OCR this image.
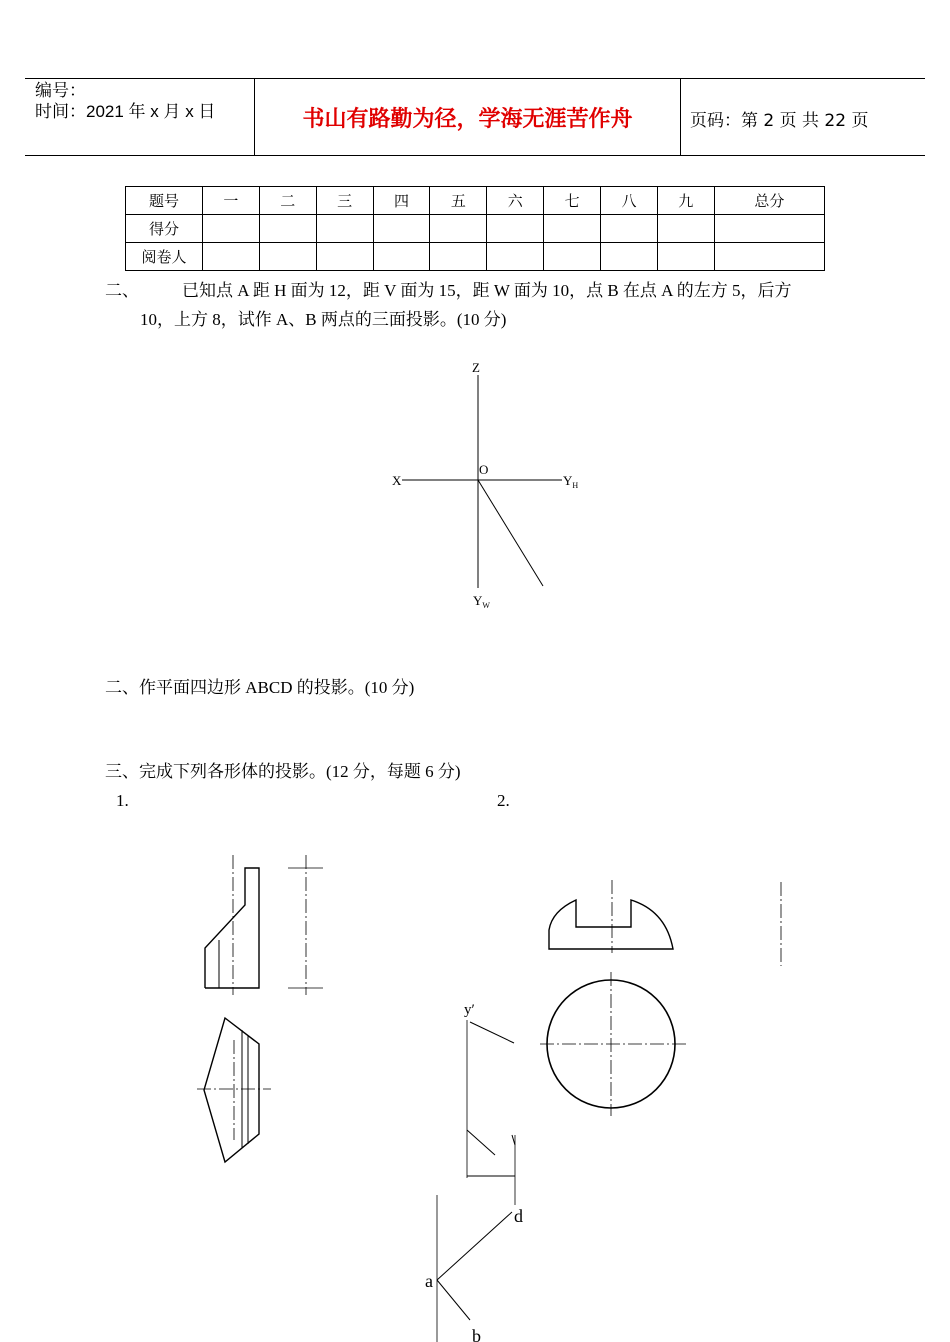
编号：
时间：2021 年 x 月 x 日	书山有路勤为径，学海无涯苦作舟	页码：第 2 页 共 22 页
题号	一	二	三	四	五	六	七	八	九	总分
得分										
阅卷人										
二、	已知点 A 距 H 面为 12，距 V 面为 15，距 W 面为 10，点 B 在点 A 的左方 5，后方
10，上方 8，试作 A、B 两点的三面投影。(10 分)
Z
X
O
$Y_H$
$Y_W$
二、作平面四边形 ABCD 的投影。(10 分)
三、完成下列各形体的投影。(12 分，每题 6 分)
1.	2.
y′
d
a
b
